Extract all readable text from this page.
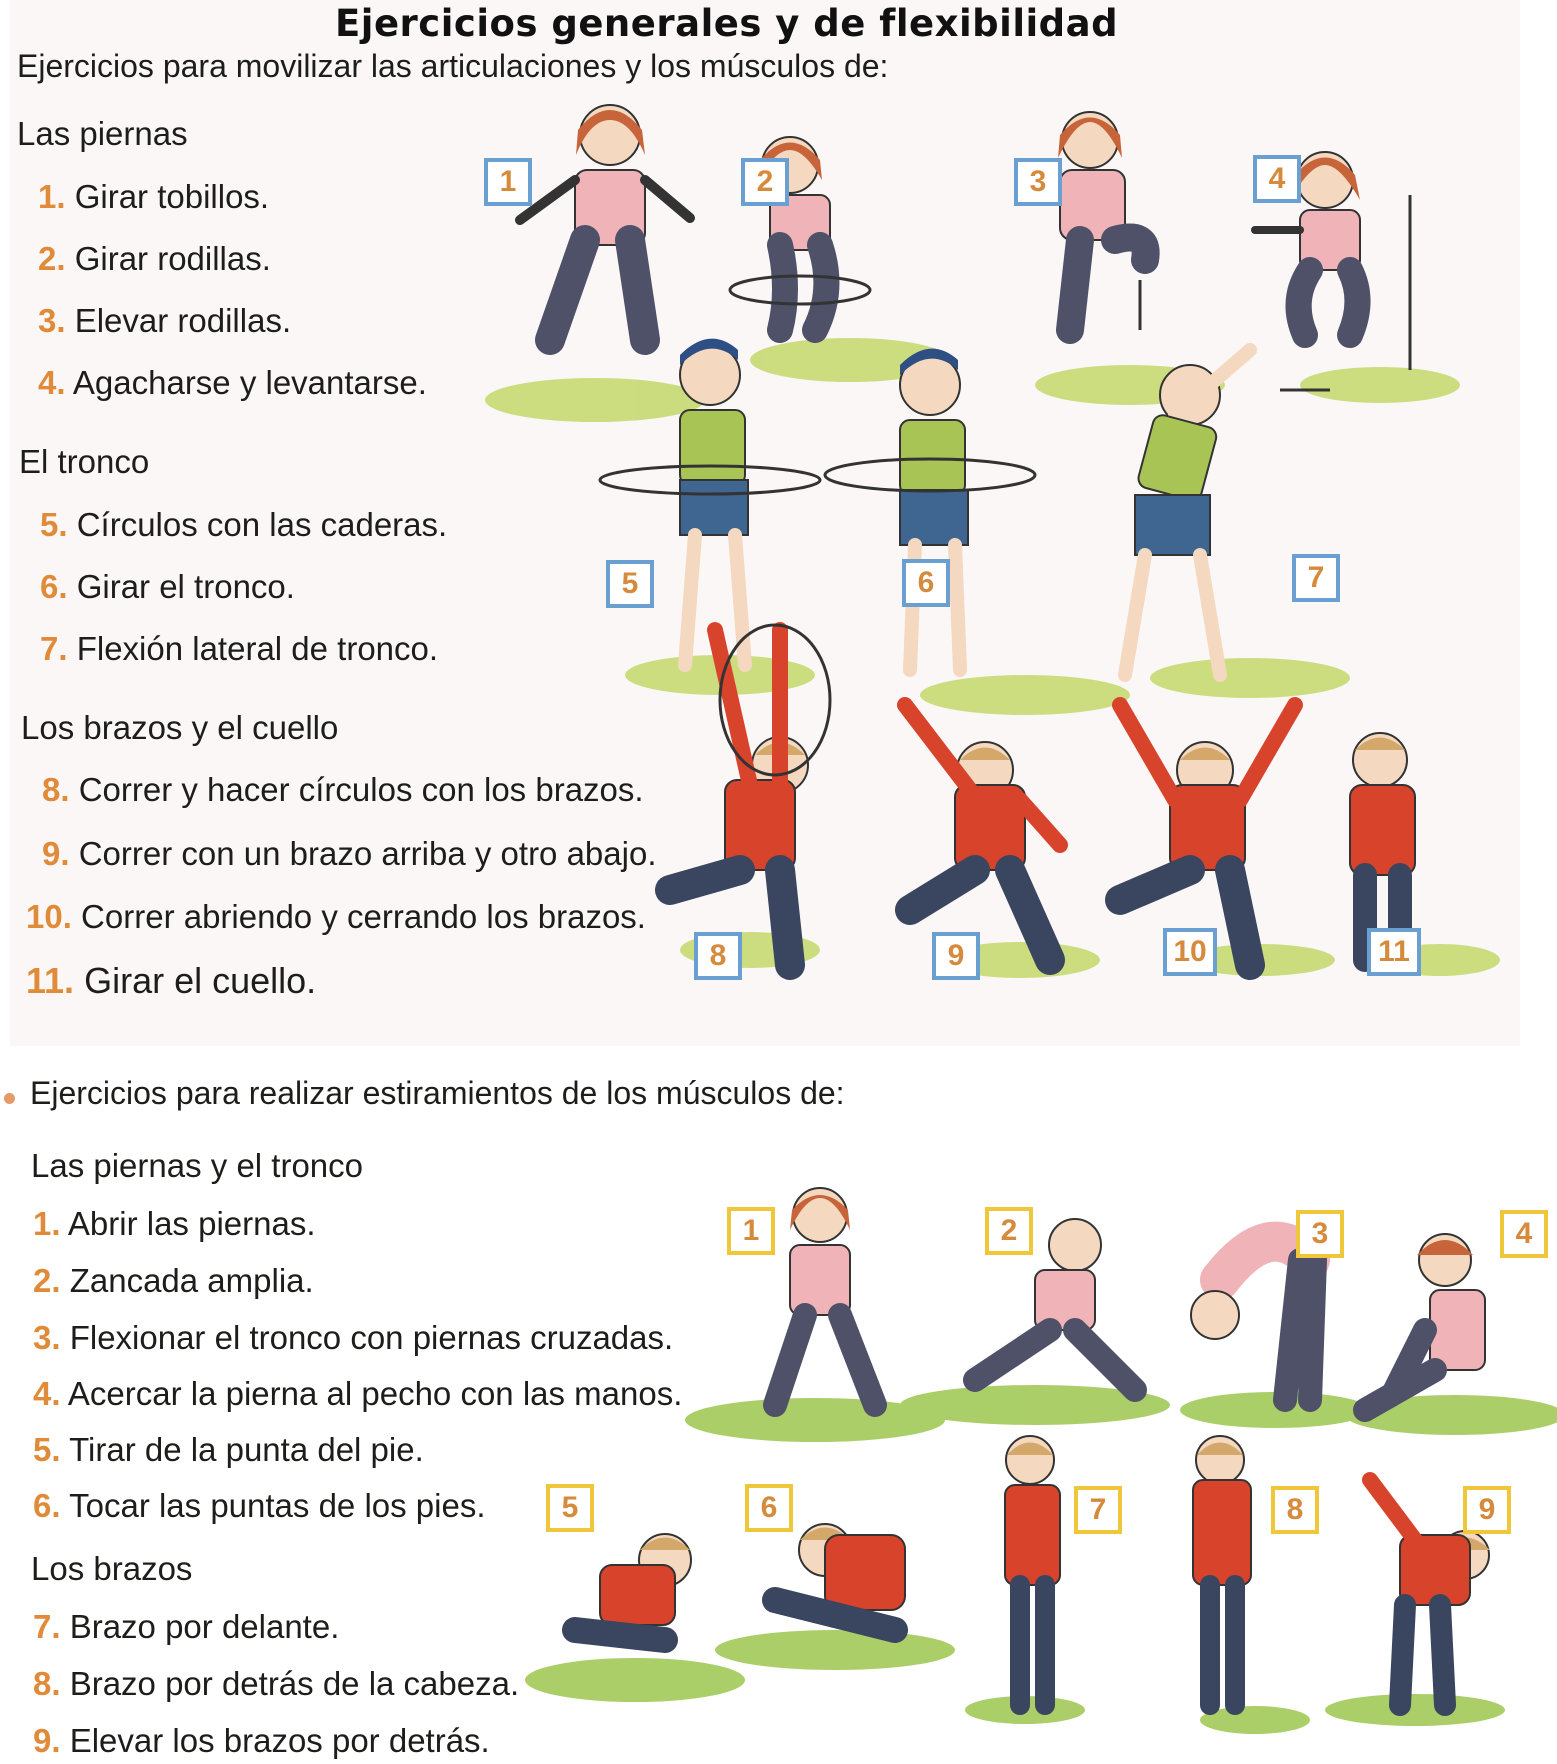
Ejercicios generales y de flexibilidad
Ejercicios para movilizar las articulaciones y los músculos de:
Las piernas
1. Girar tobillos.
2. Girar rodillas.
3. Elevar rodillas.
4. Agacharse y levantarse.
El tronco
5. Círculos con las caderas.
6. Girar el tronco.
7. Flexión lateral de tronco.
Los brazos y el cuello
8. Correr y hacer círculos con los brazos.
9. Correr con un brazo arriba y otro abajo.
10. Correr abriendo y cerrando los brazos.
11. Girar el cuello.
1	2	3	4
5	6	7
8	9	10	11
Ejercicios para realizar estiramientos de los músculos de:
Las piernas y el tronco
1. Abrir las piernas.
2. Zancada amplia.
3. Flexionar el tronco con piernas cruzadas.
4. Acercar la pierna al pecho con las manos.
5. Tirar de la punta del pie.
6. Tocar las puntas de los pies.
Los brazos
7. Brazo por delante.
8. Brazo por detrás de la cabeza.
9. Elevar los brazos por detrás.
1	2	3	4
5	6	7	8	9
